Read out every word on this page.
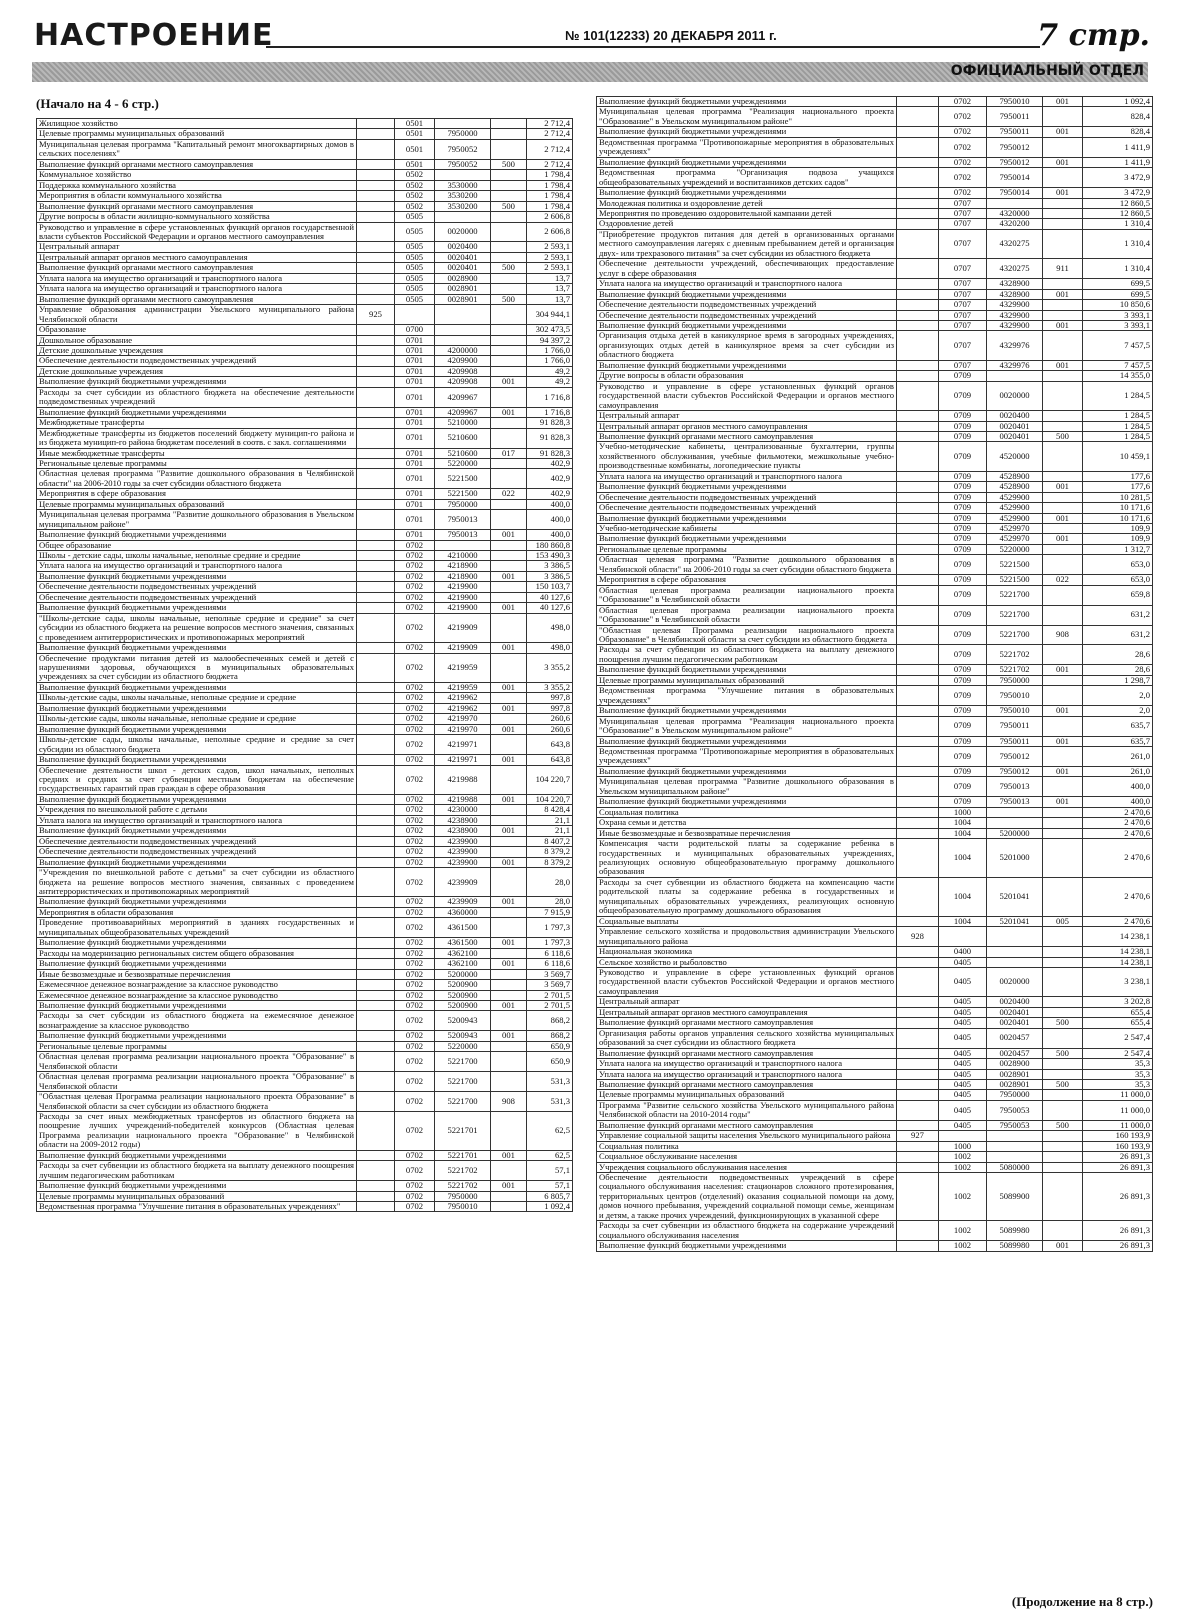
НАСТРОЕНИЕ	№ 101(12233) 20 ДЕКАБРЯ 2011 г.	7 стр.
ОФИЦИАЛЬНЫЙ ОТДЕЛ
(Начало на 4 - 6 стр.)
Жилищное хозяйство		0501			2 712,4
Целевые программы муниципальных образований		0501	7950000		2 712,4
Муниципальная целевая программа "Капитальный ремонт многоквартирных домов в сельских поселениях"		0501	7950052		2 712,4
Выполнение функций органами местного самоуправления		0501	7950052	500	2 712,4
Коммунальное хозяйство		0502			1 798,4
Поддержка коммунального хозяйства		0502	3530000		1 798,4
Мероприятия в области коммунального хозяйства		0502	3530200		1 798,4
Выполнение функций органами местного самоуправления		0502	3530200	500	1 798,4
Другие вопросы в области жилищно-коммунального хозяйства		0505			2 606,8
Руководство и управление в сфере установленных функций органов государственной власти субъектов Российской Федерации и органов местного самоуправления		0505	0020000		2 606,8
Центральный аппарат		0505	0020400		2 593,1
Центральный аппарат органов местного самоуправления		0505	0020401		2 593,1
Выполнение функций органами местного самоуправления		0505	0020401	500	2 593,1
Уплата налога на имущество организаций и транспортного налога		0505	0028900		13,7
Уплата налога на имущество организаций и транспортного налога		0505	0028901		13,7
Выполнение функций органами местного самоуправления		0505	0028901	500	13,7
Управление образования администрации Увельского муниципального района Челябинской области	925				304 944,1
Образование		0700			302 473,5
Дошкольное образование		0701			94 397,2
Детские дошкольные учреждения		0701	4200000		1 766,0
Обеспечение деятельности подведомственных учреждений		0701	4209900		1 766,0
Детские дошкольные учреждения		0701	4209908		49,2
Выполнение функций бюджетными учреждениями		0701	4209908	001	49,2
Расходы за счет субсидии из областного бюджета на обеспечение деятельности подведомственных учреждений		0701	4209967		1 716,8
Выполнение функций бюджетными учреждениями		0701	4209967	001	1 716,8
Межбюджетные трансферты		0701	5210000		91 828,3
Межбюджетные трансферты из бюджетов поселений бюджету муницип-го района и из бюджета муницип-го района бюджетам поселений в соотв. с закл. соглашениями		0701	5210600		91 828,3
Иные межбюджетные трансферты		0701	5210600	017	91 828,3
Региональные целевые программы		0701	5220000		402,9
Областная целевая программа "Развитие дошкольного образования в Челябинской области" на 2006-2010 годы за счет субсидии областного бюджета		0701	5221500		402,9
Мероприятия в сфере образования		0701	5221500	022	402,9
Целевые программы муниципальных образований		0701	7950000		400,0
Муниципальная целевая программа "Развитие дошкольного образования в Увельском муниципальном районе"		0701	7950013		400,0
Выполнение функций бюджетными учреждениями		0701	7950013	001	400,0
Общее образование		0702			180 860,8
Школы - детские сады, школы начальные, неполные средние и средние		0702	4210000		153 490,3
Уплата налога на имущество организаций и транспортного налога		0702	4218900		3 386,5
Выполнение функций бюджетными учреждениями		0702	4218900	001	3 386,5
Обеспечение деятельности подведомственных учреждений		0702	4219900		150 103,7
Обеспечение деятельности подведомственных учреждений		0702	4219900		40 127,6
Выполнение функций бюджетными учреждениями		0702	4219900	001	40 127,6
"Школы-детские сады, школы начальные, неполные средние и средние" за счет субсидии из областного бюджета на решение вопросов местного значения, связанных с проведением антитеррористических и противопожарных мероприятий		0702	4219909		498,0
Выполнение функций бюджетными учреждениями		0702	4219909	001	498,0
Обеспечение продуктами питания детей из малообеспеченных семей и детей с нарушениями здоровья, обучающихся в муниципальных образовательных учреждениях за счет субсидии из областного бюджета		0702	4219959		3 355,2
Выполнение функций бюджетными учреждениями		0702	4219959	001	3 355,2
Школы-детские сады, школы начальные, неполные средние и средние		0702	4219962		997,8
Выполнение функций бюджетными учреждениями		0702	4219962	001	997,8
Школы-детские сады, школы начальные, неполные средние и средние		0702	4219970		260,6
Выполнение функций бюджетными учреждениями		0702	4219970	001	260,6
Школы-детские сады, школы начальные, неполные средние и средние за счет субсидии из областного бюджета		0702	4219971		643,8
Выполнение функций бюджетными учреждениями		0702	4219971	001	643,8
Обеспечение деятельности школ - детских садов, школ начальных, неполных средних и средних за счет субвенции местным бюджетам на обеспечение государственных гарантий прав граждан в сфере образования		0702	4219988		104 220,7
Выполнение функций бюджетными учреждениями		0702	4219988	001	104 220,7
Учреждения по внешкольной работе с детьми		0702	4230000		8 428,4
Уплата налога на имущество организаций и транспортного налога		0702	4238900		21,1
Выполнение функций бюджетными учреждениями		0702	4238900	001	21,1
Обеспечение деятельности подведомственных учреждений		0702	4239900		8 407,2
Обеспечение деятельности подведомственных учреждений		0702	4239900		8 379,2
Выполнение функций бюджетными учреждениями		0702	4239900	001	8 379,2
"Учреждения по внешкольной работе с детьми" за счет субсидии из областного бюджета на решение вопросов местного значения, связанных с проведением антитеррористических и противопожарных мероприятий		0702	4239909		28,0
Выполнение функций бюджетными учреждениями		0702	4239909	001	28,0
Мероприятия в области образования		0702	4360000		7 915,9
Проведение противоаварийных мероприятий в зданиях государственных и муниципальных общеобразовательных учреждений		0702	4361500		1 797,3
Выполнение функций бюджетными учреждениями		0702	4361500	001	1 797,3
Расходы на модернизацию региональных систем общего образования		0702	4362100		6 118,6
Выполнение функций бюджетными учреждениями		0702	4362100	001	6 118,6
Иные безвозмездные и безвозвратные перечисления		0702	5200000		3 569,7
Ежемесячное денежное вознаграждение за классное руководство		0702	5200900		3 569,7
Ежемесячное денежное вознаграждение за классное руководство		0702	5200900		2 701,5
Выполнение функций бюджетными учреждениями		0702	5200900	001	2 701,5
Расходы за счет субсидии из областного бюджета на ежемесячное денежное вознаграждение за классное руководство		0702	5200943		868,2
Выполнение функций бюджетными учреждениями		0702	5200943	001	868,2
Региональные целевые программы		0702	5220000		650,9
Областная целевая программа реализации национального проекта "Образование" в Челябинской области		0702	5221700		650,9
Областная целевая программа реализации национального проекта "Образование" в Челябинской области		0702	5221700		531,3
"Областная целевая Программа реализации национального проекта Образование" в Челябинской области за счет субсидии из областного бюджета		0702	5221700	908	531,3
Расходы за счет иных межбюджетных трансфертов из областного бюджета на поощрение лучших учреждений-победителей конкурсов (Областная целевая Программа реализации национального проекта "Образование" в Челябинской области на 2009-2012 годы)		0702	5221701		62,5
Выполнение функций бюджетными учреждениями		0702	5221701	001	62,5
Расходы за счет субвенции из областного бюджета на выплату денежного поощрения лучшим педагогическим работникам		0702	5221702		57,1
Выполнение функций бюджетными учреждениями		0702	5221702	001	57,1
Целевые программы муниципальных образований		0702	7950000		6 805,7
Ведомственная программа "Улучшение питания в образовательных учреждениях"		0702	7950010		1 092,4
Выполнение функций бюджетными учреждениями		0702	7950010	001	1 092,4
Муниципальная целевая программа "Реализация национального проекта "Образование" в Увельском муниципальном районе"		0702	7950011		828,4
Выполнение функций бюджетными учреждениями		0702	7950011	001	828,4
Ведомственная программа "Противопожарные мероприятия в образовательных учреждениях"		0702	7950012		1 411,9
Выполнение функций бюджетными учреждениями		0702	7950012	001	1 411,9
Ведомственная программа "Организация подвоза учащихся общеобразовательных учреждений и воспитанников детских садов"		0702	7950014		3 472,9
Выполнение функций бюджетными учреждениями		0702	7950014	001	3 472,9
Молодежная политика и оздоровление детей		0707			12 860,5
Мероприятия по проведению оздоровительной кампании детей		0707	4320000		12 860,5
Оздоровление детей		0707	4320200		1 310,4
"Приобретение продуктов питания для детей в организованных органами местного самоуправления лагерях с дневным пребыванием детей и организация двух- или трехразового питания" за счет субсидии из областного бюджета		0707	4320275		1 310,4
Обеспечение деятельности учреждений, обеспечивающих предоставление услуг в сфере образования		0707	4320275	911	1 310,4
Уплата налога на имущество организаций и транспортного налога		0707	4328900		699,5
Выполнение функций бюджетными учреждениями		0707	4328900	001	699,5
Обеспечение деятельности подведомственных учреждений		0707	4329900		10 850,6
Обеспечение деятельности подведомственных учреждений		0707	4329900		3 393,1
Выполнение функций бюджетными учреждениями		0707	4329900	001	3 393,1
Организация отдыха детей в каникулярное время в загородных учреждениях, организующих отдых детей в каникулярное время за счет субсидии из областного бюджета		0707	4329976		7 457,5
Выполнение функций бюджетными учреждениями		0707	4329976	001	7 457,5
Другие вопросы в области образования		0709			14 355,0
Руководство и управление в сфере установленных функций органов государственной власти субъектов Российской Федерации и органов местного самоуправления		0709	0020000		1 284,5
Центральный аппарат		0709	0020400		1 284,5
Центральный аппарат органов местного самоуправления		0709	0020401		1 284,5
Выполнение функций органами местного самоуправления		0709	0020401	500	1 284,5
Учебно-методические кабинеты, централизованные бухгалтерии, группы хозяйственного обслуживания, учебные фильмотеки, межшкольные учебно-производственные комбинаты, логопедические пункты		0709	4520000		10 459,1
Уплата налога на имущество организаций и транспортного налога		0709	4528900		177,6
Выполнение функций бюджетными учреждениями		0709	4528900	001	177,6
Обеспечение деятельности подведомственных учреждений		0709	4529900		10 281,5
Обеспечение деятельности подведомственных учреждений		0709	4529900		10 171,6
Выполнение функций бюджетными учреждениями		0709	4529900	001	10 171,6
Учебно-методические кабинеты		0709	4529970		109,9
Выполнение функций бюджетными учреждениями		0709	4529970	001	109,9
Региональные целевые программы		0709	5220000		1 312,7
Областная целевая программа "Развитие дошкольного образования в Челябинской области" на 2006-2010 годы за счет субсидии областного бюджета		0709	5221500		653,0
Мероприятия в сфере образования		0709	5221500	022	653,0
Областная целевая программа реализации национального проекта "Образование" в Челябинской области		0709	5221700		659,8
Областная целевая программа реализации национального проекта "Образование" в Челябинской области		0709	5221700		631,2
"Областная целевая Программа реализации национального проекта Образование" в Челябинской области за счет субсидии из областного бюджета		0709	5221700	908	631,2
Расходы за счет субвенции из областного бюджета на выплату денежного поощрения лучшим педагогическим работникам		0709	5221702		28,6
Выполнение функций бюджетными учреждениями		0709	5221702	001	28,6
Целевые программы муниципальных образований		0709	7950000		1 298,7
Ведомственная программа "Улучшение питания в образовательных учреждениях"		0709	7950010		2,0
Выполнение функций бюджетными учреждениями		0709	7950010	001	2,0
Муниципальная целевая программа "Реализация национального проекта "Образование" в Увельском муниципальном районе"		0709	7950011		635,7
Выполнение функций бюджетными учреждениями		0709	7950011	001	635,7
Ведомственная программа "Противопожарные мероприятия в образовательных учреждениях"		0709	7950012		261,0
Выполнение функций бюджетными учреждениями		0709	7950012	001	261,0
Муниципальная целевая программа "Развитие дошкольного образования в Увельском муниципальном районе"		0709	7950013		400,0
Выполнение функций бюджетными учреждениями		0709	7950013	001	400,0
Социальная политика		1000			2 470,6
Охрана семьи и детства		1004			2 470,6
Иные безвозмездные и безвозвратные перечисления		1004	5200000		2 470,6
Компенсация части родительской платы за содержание ребенка в государственных и муниципальных образовательных учреждениях, реализующих основную общеобразовательную программу дошкольного образования		1004	5201000		2 470,6
Расходы за счет субвенции из областного бюджета на компенсацию части родительской платы за содержание ребенка в государственных и муниципальных образовательных учреждениях, реализующих основную общеобразовательную программу дошкольного образования		1004	5201041		2 470,6
Социальные выплаты		1004	5201041	005	2 470,6
Управление сельского хозяйства и продовольствия администрации Увельского муниципального района	928				14 238,1
Национальная экономика		0400			14 238,1
Сельское хозяйство и рыболовство		0405			14 238,1
Руководство и управление в сфере установленных функций органов государственной власти субъектов Российской Федерации и органов местного самоуправления		0405	0020000		3 238,1
Центральный аппарат		0405	0020400		3 202,8
Центральный аппарат органов местного самоуправления		0405	0020401		655,4
Выполнение функций органами местного самоуправления		0405	0020401	500	655,4
Организация работы органов управления сельского хозяйства муниципальных образований за счет субсидии из областного бюджета		0405	0020457		2 547,4
Выполнение функций органами местного самоуправления		0405	0020457	500	2 547,4
Уплата налога на имущество организаций и транспортного налога		0405	0028900		35,3
Уплата налога на имущество организаций и транспортного налога		0405	0028901		35,3
Выполнение функций органами местного самоуправления		0405	0028901	500	35,3
Целевые программы муниципальных образований		0405	7950000		11 000,0
Программа "Развитие сельского хозяйства Увельского муниципального района Челябинской области на 2010-2014 годы"		0405	7950053		11 000,0
Выполнение функций органами местного самоуправления		0405	7950053	500	11 000,0
Управление социальной защиты населения Увельского муниципального района	927				160 193,9
Социальная политика		1000			160 193,9
Социальное обслуживание населения		1002			26 891,3
Учреждения социального обслуживания населения		1002	5080000		26 891,3
Обеспечение деятельности подведомственных учреждений в сфере социального обслуживания населения: стационаров сложного протезирования, территориальных центров (отделений) оказания социальной помощи на дому, домов ночного пребывания, учреждений социальной помощи семье, женщинам и детям, а также прочих учреждений, функционирующих в указанной сфере		1002	5089900		26 891,3
Расходы за счет субвенции из областного бюджета на содержание учреждений социального обслуживания населения		1002	5089980		26 891,3
Выполнение функций бюджетными учреждениями		1002	5089980	001	26 891,3
(Продолжение на 8 стр.)
